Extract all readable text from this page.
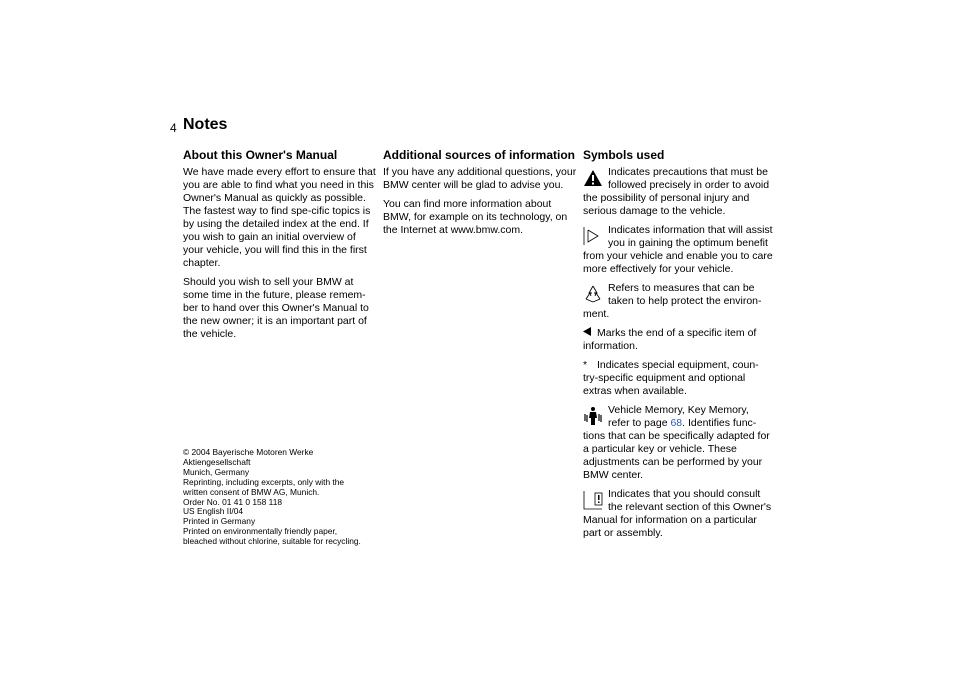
4 Notes
About this Owner's Manual

We have made every effort to ensure that you are able to find what you need in this Owner's Manual as quickly as possible. The fastest way to find spe-cific topics is by using the detailed index at the end. If you wish to gain an initial overview of your vehicle, you will find this in the first chapter.

Should you wish to sell your BMW at some time in the future, please remem-ber to hand over this Owner's Manual to the new owner; it is an important part of the vehicle.

© 2004 Bayerische Motoren Werke
Aktiengesellschaft
Munich, Germany
Reprinting, including excerpts, only with the
written consent of BMW AG, Munich.
Order No. 01 41 0 158 118
US English II/04
Printed in Germany
Printed on environmentally friendly paper,
bleached without chlorine, suitable for recycling.
Additional sources of information

If you have any additional questions, your BMW center will be glad to advise you.

You can find more information about BMW, for example on its technology, on the Internet at www.bmw.com.

Symbols used
Indicates precautions that must be followed precisely in order to avoid the possibility of personal injury and serious damage to the vehicle.
Indicates information that will assist you in gaining the optimum benefit from your vehicle and enable you to care more effectively for your vehicle.
Refers to measures that can be taken to help protect the environ-ment.

Marks the end of a specific item of information.

* Indicates special equipment, coun-try-specific equipment and optional extras when available.

Vehicle Memory, Key Memory, refer to page 68. Identifies func-tions that can be specifically adapted for a particular key or vehicle. These adjustments can be performed by your BMW center.
Indicates that you should consult the relevant section of this Owner's Manual for information on a particular part or assembly.
